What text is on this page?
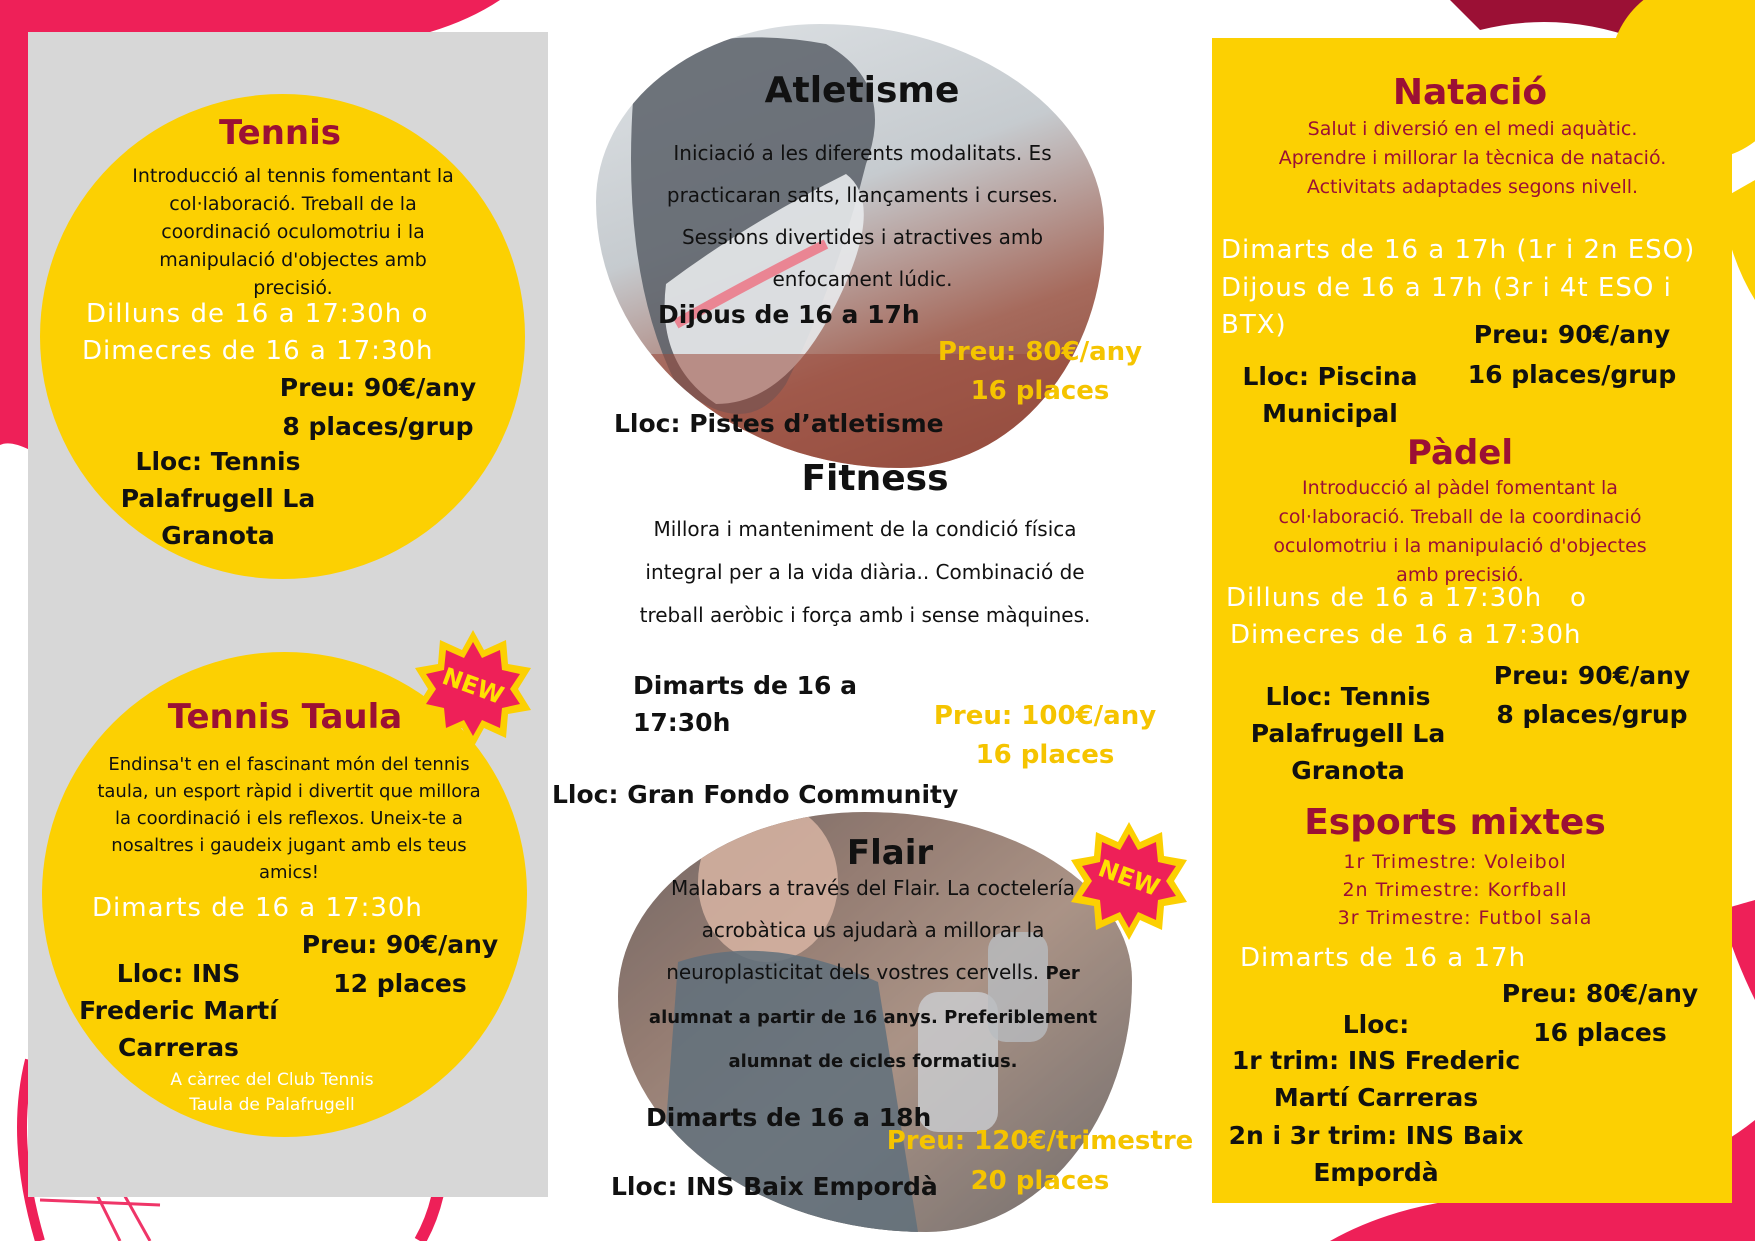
Tennis
Introducció al tennis fomentant la col·laboració. Treball de la coordinació oculomotriu i la manipulació d'objectes amb precisió.
Dilluns de 16 a 17:30h o
Dimecres de 16 a 17:30h
Preu: 90€/any
8 places/grup
Lloc: Tennis Palafrugell La Granota
Tennis Taula
Endinsa't en el fascinant món del tennis taula, un esport ràpid i divertit que millora la coordinació i els reflexos. Uneix-te a nosaltres i gaudeix jugant amb els teus amics!
Dimarts de 16 a 17:30h
Preu: 90€/any
12 places
Lloc: INS Frederic Martí Carreras
A càrrec del Club Tennis Taula de Palafrugell
NEW
Atletisme
Iniciació a les diferents modalitats. Es practicaran salts, llançaments i curses. Sessions divertides i atractives amb enfocament lúdic.
Dijous de 16 a 17h
Preu: 80€/any
16 places
Lloc: Pistes d’atletisme
Fitness
Millora i manteniment de la condició física integral per a la vida diària.. Combinació de treball aeròbic i força amb i sense màquines.
Dimarts de 16 a 17:30h	Preu: 100€/any
16 places
Lloc: Gran Fondo Community
Flair
Malabars a través del Flair. La coctelería acrobàtica us ajudarà a millorar la neuroplasticitat dels vostres cervells. Per alumnat a partir de 16 anys. Preferiblement alumnat de cicles formatius.
Dimarts de 16 a 18h
Preu: 120€/trimestre
20 places
Lloc: INS Baix Empordà
NEW
Natació
Salut i diversió en el medi aquàtic. Aprendre i millorar la tècnica de natació. Activitats adaptades segons nivell.
Dimarts de 16 a 17h (1r i 2n ESO)
Dijous de 16 a 17h (3r i 4t ESO i BTX)	Preu: 90€/any
16 places/grup
Lloc: Piscina Municipal
Pàdel
Introducció al pàdel fomentant la col·laboració. Treball de la coordinació oculomotriu i la manipulació d'objectes amb precisió.
Dilluns de 16 a 17:30h   o
Dimecres de 16 a 17:30h
Preu: 90€/any
8 places/grup
Lloc: Tennis Palafrugell La Granota
Esports mixtes
1r Trimestre: Voleibol
2n Trimestre: Korfball
3r Trimestre: Futbol sala
Dimarts de 16 a 17h
Preu: 80€/any
16 places
Lloc:
1r trim: INS Frederic Martí Carreras
2n i 3r trim: INS Baix Empordà
